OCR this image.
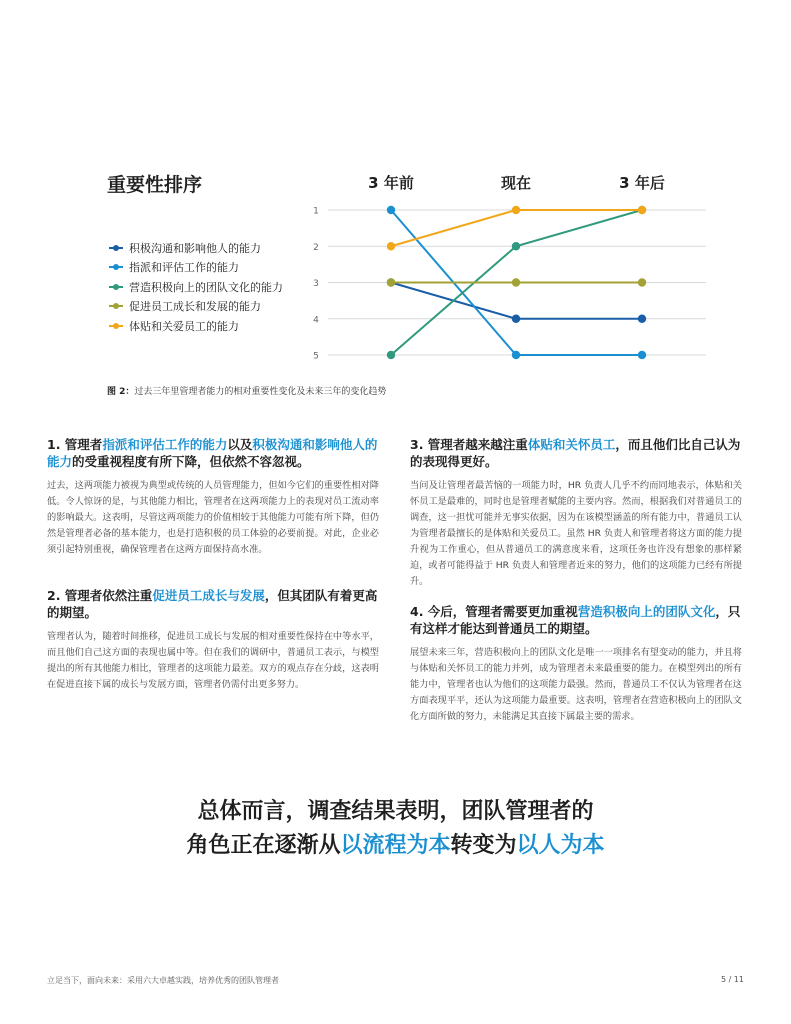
重要性排序	3 年前	现在	3 年后
1
2
3
4
5
积极沟通和影响他人的能力
指派和评估工作的能力
营造积极向上的团队文化的能力
促进员工成长和发展的能力
体贴和关爱员工的能力
图 2：过去三年里管理者能力的相对重要性变化及未来三年的变化趋势

1. 管理者指派和评估工作的能力以及积极沟通和影响他人的能力的受重视程度有所下降，但依然不容忽视。

过去，这两项能力被视为典型或传统的人员管理能力，但如今它们的重要性相对降低。令人惊讶的是，与其他能力相比，管理者在这两项能力上的表现对员工流动率的影响最大。这表明，尽管这两项能力的价值相较于其他能力可能有所下降，但仍然是管理者必备的基本能力，也是打造积极的员工体验的必要前提。对此，企业必须引起特别重视，确保管理者在这两方面保持高水准。

2. 管理者依然注重促进员工成长与发展，但其团队有着更高的期望。

管理者认为，随着时间推移，促进员工成长与发展的相对重要性保持在中等水平，而且他们自己这方面的表现也属中等。但在我们的调研中，普通员工表示，与模型提出的所有其他能力相比，管理者的这项能力最差。双方的观点存在分歧，这表明在促进直接下属的成长与发展方面，管理者仍需付出更多努力。

3. 管理者越来越注重体贴和关怀员工，而且他们比自己认为的表现得更好。

当问及让管理者最苦恼的一项能力时，HR 负责人几乎不约而同地表示，体贴和关怀员工是最难的，同时也是管理者赋能的主要内容。然而，根据我们对普通员工的调查，这一担忧可能并无事实依据，因为在该模型涵盖的所有能力中，普通员工认为管理者最擅长的是体贴和关爱员工。虽然 HR 负责人和管理者将这方面的能力提升视为工作重心，但从普通员工的满意度来看，这项任务也许没有想象的那样紧迫，或者可能得益于 HR 负责人和管理者近来的努力，他们的这项能力已经有所提升。

4. 今后，管理者需要更加重视营造积极向上的团队文化，只有这样才能达到普通员工的期望。

展望未来三年，营造积极向上的团队文化是唯一一项排名有望变动的能力，并且将与体贴和关怀员工的能力并列，成为管理者未来最重要的能力。在模型列出的所有能力中，管理者也认为他们的这项能力最强。然而，普通员工不仅认为管理者在这方面表现平平，还认为这项能力最重要。这表明，管理者在营造积极向上的团队文化方面所做的努力，未能满足其直接下属最主要的需求。

总体而言，调查结果表明，团队管理者的
角色正在逐渐从以流程为本转变为以人为本
立足当下，面向未来：采用六大卓越实践，培养优秀的团队管理者	5 / 11
